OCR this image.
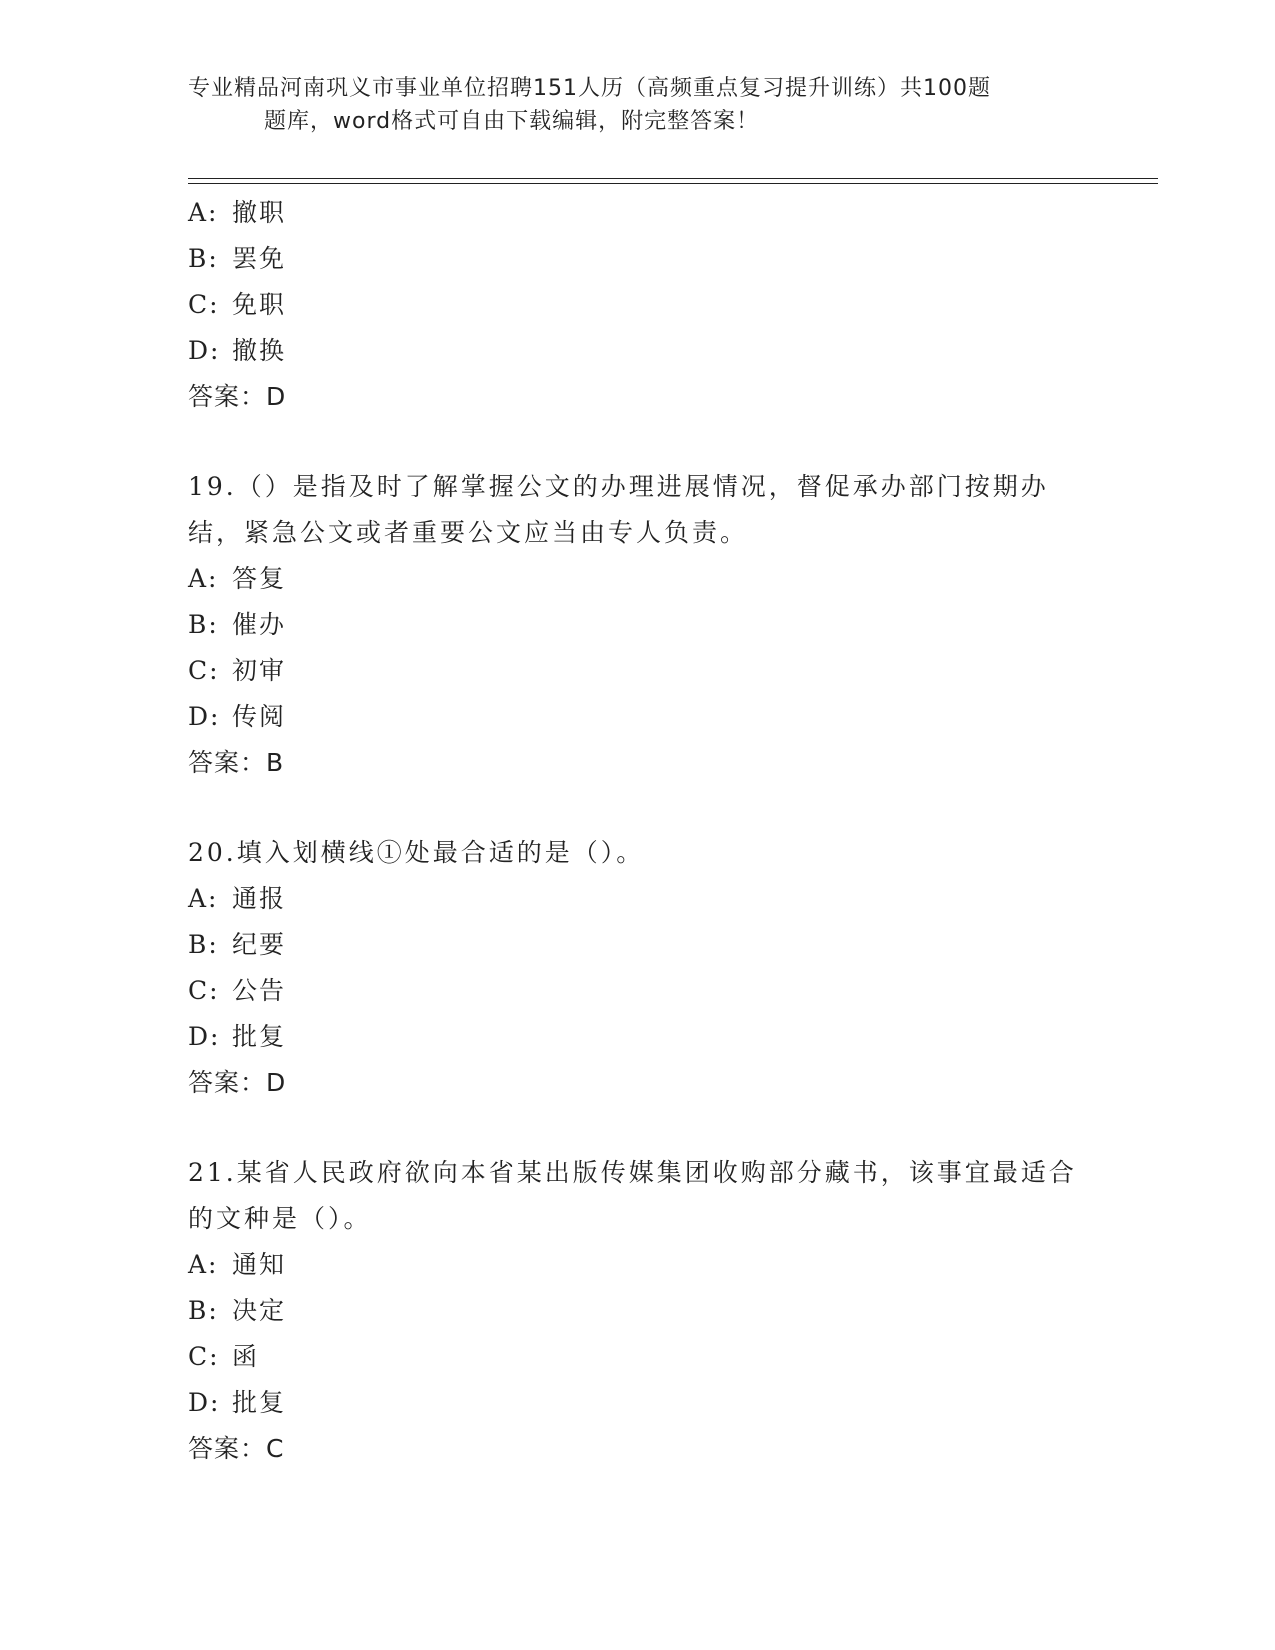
专业精品河南巩义市事业单位招聘151人历（高频重点复习提升训练）共100题
题库，word格式可自由下载编辑，附完整答案！
A: 撤职
B: 罢免
C: 免职
D: 撤换
答案：D
19.（）是指及时了解掌握公文的办理进展情况，督促承办部门按期办结，紧急公文或者重要公文应当由专人负责。
A: 答复
B: 催办
C: 初审
D: 传阅
答案：B
20.填入划横线①处最合适的是（）。
A: 通报
B: 纪要
C: 公告
D: 批复
答案：D
21.某省人民政府欲向本省某出版传媒集团收购部分藏书，该事宜最适合的文种是（）。
A: 通知
B: 决定
C: 函
D: 批复
答案：C
